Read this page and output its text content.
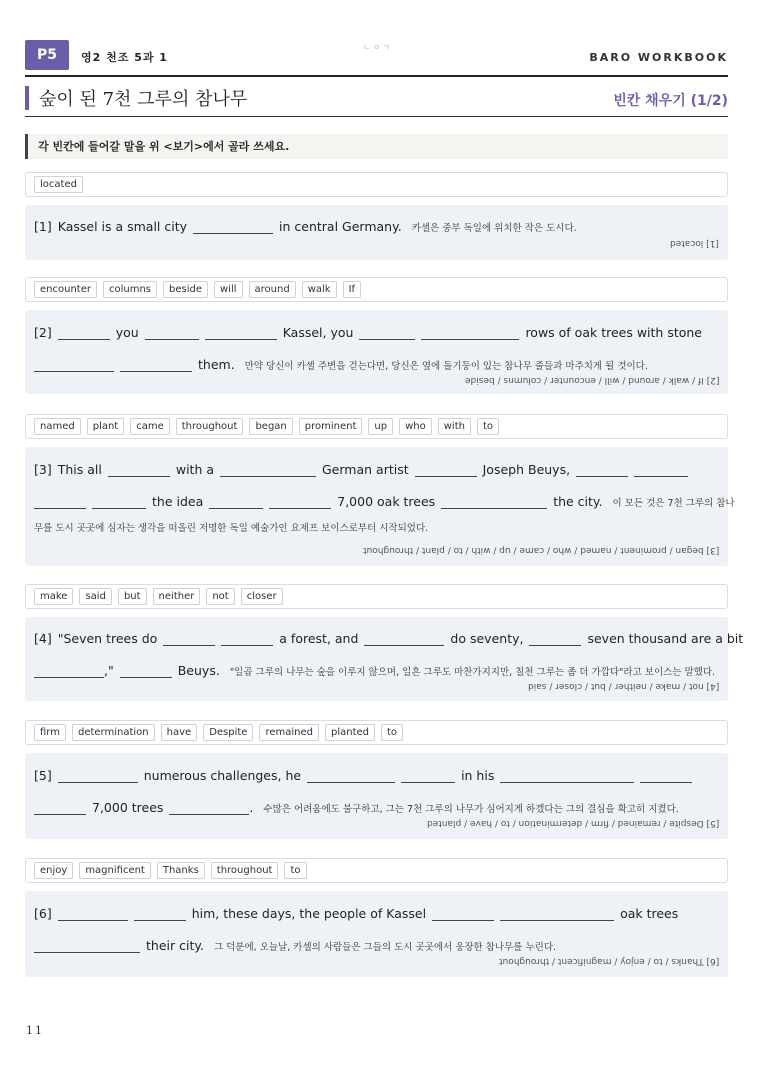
P5	영2 천조 5과 1
ㄴㅇㄱ
BARO WORKBOOK
숲이 된 7천 그루의 참나무	빈칸 채우기 (1/2)
각 빈칸에 들어갈 말을 위 <보기>에서 골라 쓰세요.
located
[1] Kassel is a small city	in central Germany. 카셀은 중부 독일에 위치한 작은 도시다.
[1] located
encounter	columns	beside	will	around	walk	If
[2]	you	Kassel, you	rows of oak trees with stone
them. 만약 당신이 카셀 주변을 걷는다면, 당신은 옆에 돌기둥이 있는 참나무 줄들과 마주치게 될 것이다.
[2] If / walk / around / will / encounter / columns / beside
named	plant	came	throughout	began	prominent	up	who	with	to
[3] This all	with a	German artist	Joseph Beuys,
the idea	7,000 oak trees	the city. 이 모든 것은 7천 그루의 참나
무를 도시 곳곳에 심자는 생각을 떠올린 저명한 독일 예술가인 요제프 보이스로부터 시작되었다.
[3] began / prominent / named / who / came / up / with / to / plant / throughout
make	said	but	neither	not	closer
[4] "Seven trees do	a forest, and	do seventy,	seven thousand are a bit
,"	Beuys. "일곱 그루의 나무는 숲을 이루지 않으며, 일흔 그루도 마찬가지지만, 칠천 그루는 좀 더 가깝다"라고 보이스는 말했다.
[4] not / make / neither / but / closer / said
firm	determination	have	Despite	remained	planted	to
[5]	numerous challenges, he	in his
7,000 trees	. 수많은 어려움에도 불구하고, 그는 7천 그루의 나무가 심어지게 하겠다는 그의 결심을 확고히 지켰다.
[5] Despite / remained / firm / determination / to / have / planted
enjoy	magnificent	Thanks	throughout	to
[6]	him, these days, the people of Kassel	oak trees
their city. 그 덕분에, 오늘날, 카셀의 사람들은 그들의 도시 곳곳에서 웅장한 참나무를 누린다.
[6] Thanks / to / enjoy / magnificent / throughout
11
